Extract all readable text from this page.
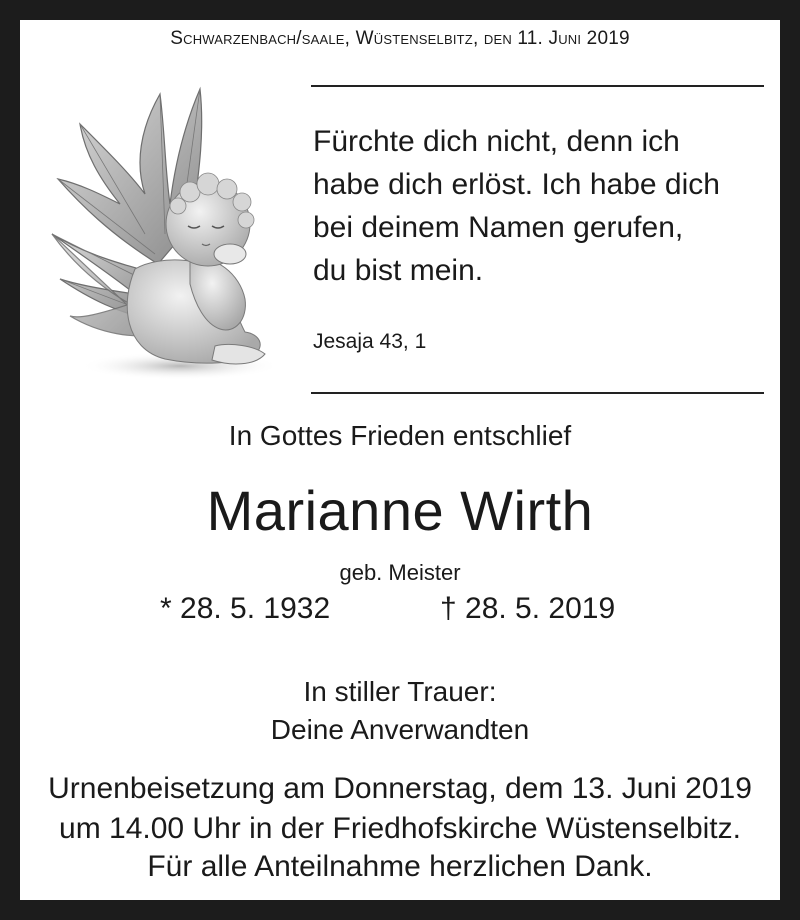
Schwarzenbach/saale, Wüstenselbitz, den 11. Juni 2019
Fürchte dich nicht, denn ich
habe dich erlöst. Ich habe dich
bei deinem Namen gerufen,
du bist mein.
Jesaja 43, 1
In Gottes Frieden entschlief
Marianne Wirth
geb. Meister
* 28. 5. 1932	† 28. 5. 2019
In stiller Trauer:
Deine Anverwandten
Urnenbeisetzung am Donnerstag, dem 13. Juni 2019
um 14.00 Uhr in der Friedhofskirche Wüstenselbitz.
Für alle Anteilnahme herzlichen Dank.
